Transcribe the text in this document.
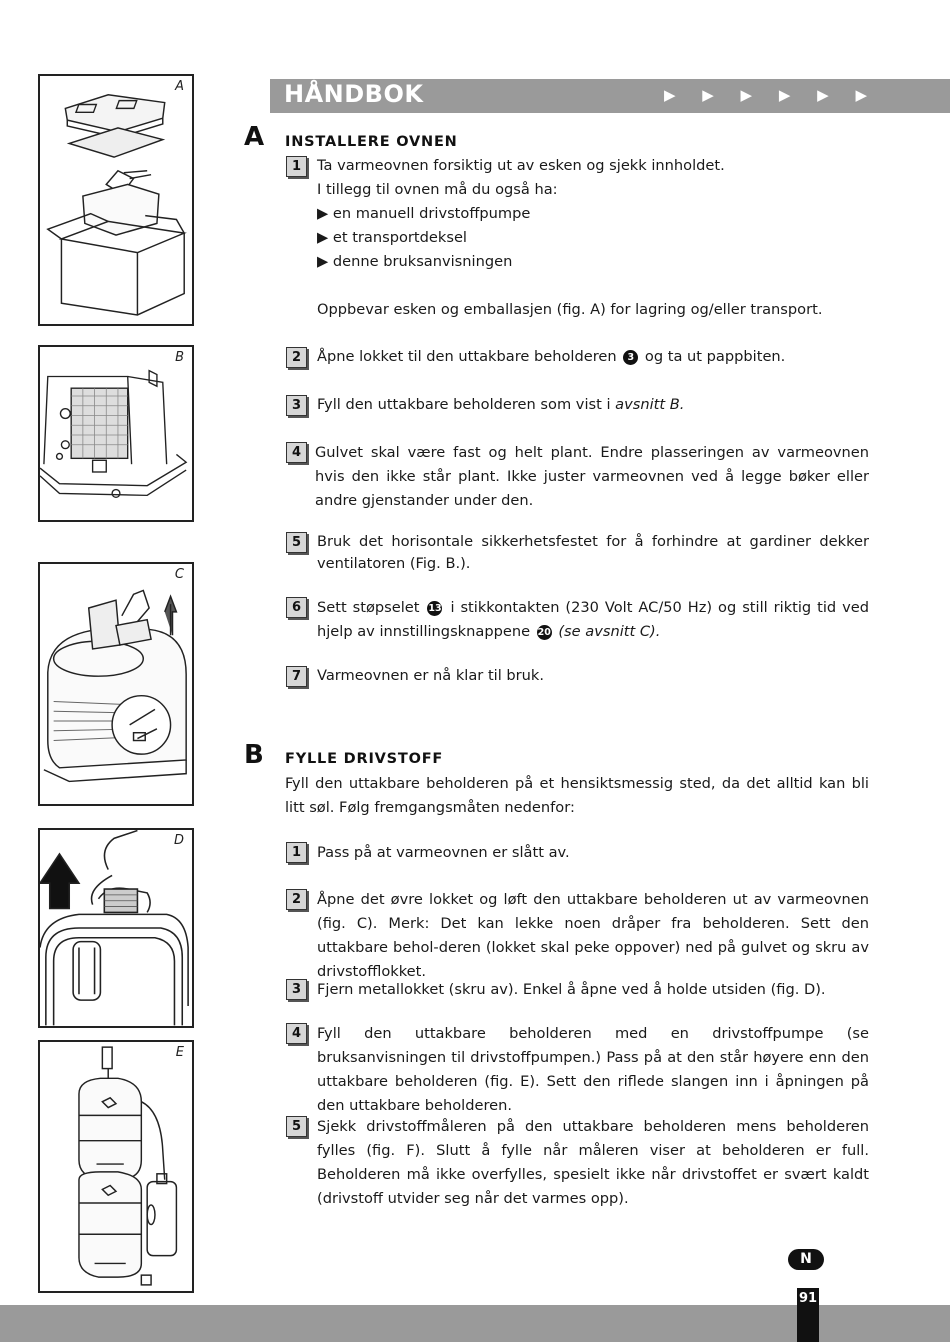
A
B
C
D
E
HÅNDBOK	▶ ▶ ▶ ▶ ▶ ▶
A INSTALLERE OVNEN
1	Ta varmeovnen forsiktig ut av esken og sjekk innholdet.
I tillegg til ovnen må du også ha:
▶ en manuell drivstoffpumpe
▶ et transportdeksel
▶ denne bruksanvisningen
Oppbevar esken og emballasjen (fig. A) for lagring og/eller transport.
2	Åpne lokket til den uttakbare beholderen 3 og ta ut pappbiten.
3	Fyll den uttakbare beholderen som vist i avsnitt B.
4 Gulvet skal være fast og helt plant. Endre plasseringen av varmeovnen hvis den ikke står plant. Ikke juster varmeovnen ved å legge bøker eller andre gjenstander under den.
5	Bruk det horisontale sikkerhetsfestet for å forhindre at gardiner dekker ventilatoren (Fig. B.).
6	Sett støpselet 13 i stikkontakten (230 Volt AC/50 Hz) og still riktig tid ved hjelp av innstillingsknappene 20 (se avsnitt C).
7	Varmeovnen er nå klar til bruk.
B FYLLE DRIVSTOFF
Fyll den uttakbare beholderen på et hensiktsmessig sted, da det alltid kan bli litt søl. Følg fremgangsmåten nedenfor:
1	Pass på at varmeovnen er slått av.
2	Åpne det øvre lokket og løft den uttakbare beholderen ut av varmeovnen (fig. C). Merk: Det kan lekke noen dråper fra beholderen. Sett den uttakbare behol-deren (lokket skal peke oppover) ned på gulvet og skru av drivstofflokket.
3	Fjern metallokket (skru av). Enkel å åpne ved å holde utsiden (fig. D).
4	Fyll den uttakbare beholderen med en drivstoffpumpe (se bruksanvisningen til drivstoffpumpen.) Pass på at den står høyere enn den uttakbare beholderen (fig. E). Sett den riflede slangen inn i åpningen på den uttakbare beholderen.
5	Sjekk drivstoffmåleren på den uttakbare beholderen mens beholderen fylles (fig. F). Slutt å fylle når måleren viser at beholderen er full. Beholderen må ikke overfylles, spesielt ikke når drivstoffet er svært kaldt (drivstoff utvider seg når det varmes opp).
N
91
